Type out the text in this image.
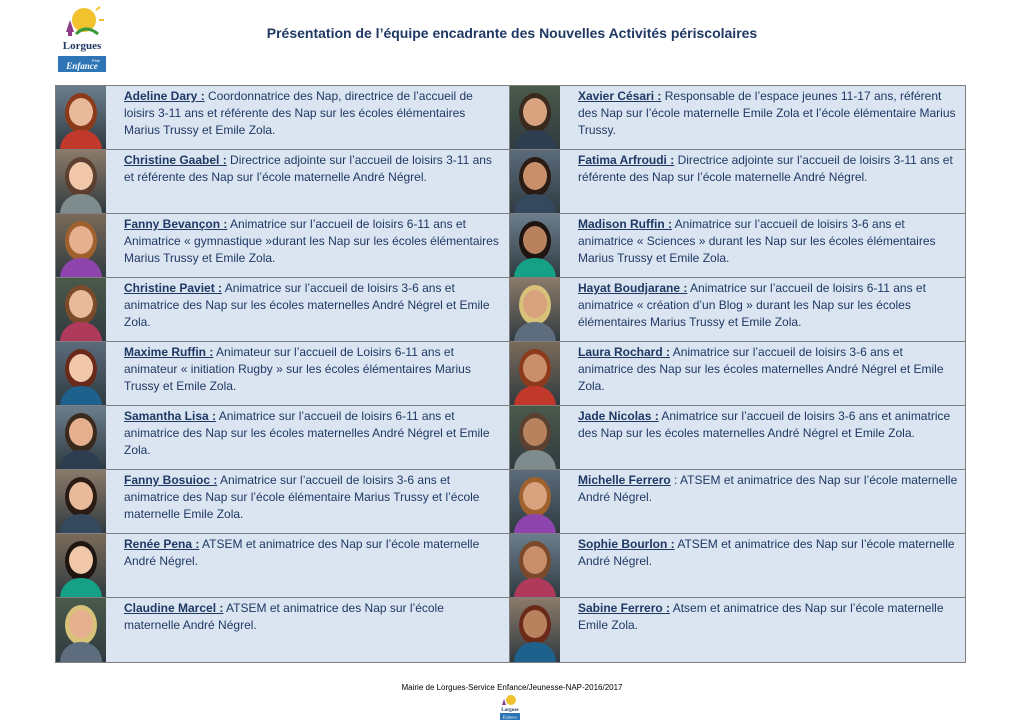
Lorgues
Pôle
Enfance
Présentation de l’équipe encadrante des Nouvelles Activités périscolaires
Adeline Dary : Coordonnatrice des Nap, directrice de l’accueil de loisirs 3-11 ans et référente des Nap sur les écoles élémentaires Marius Trussy et Emile Zola.
Xavier Césari : Responsable de l’espace jeunes 11-17 ans, référent des Nap sur l’école maternelle Emile Zola et l’école élémentaire Marius Trussy.
Christine Gaabel : Directrice adjointe sur l’accueil de loisirs 3-11 ans et référente des Nap sur l’école maternelle André Négrel.
Fatima Arfroudi : Directrice adjointe sur l’accueil de loisirs 3-11 ans et référente des Nap sur l’école maternelle André Négrel.
Fanny Bevançon : Animatrice sur l’accueil de loisirs 6-11 ans et Animatrice « gymnastique »durant les Nap sur les écoles élémentaires Marius Trussy et Emile Zola.
Madison Ruffin : Animatrice sur l’accueil de loisirs 3-6 ans et animatrice « Sciences » durant les Nap sur les écoles élémentaires Marius Trussy et Emile Zola.
Christine Paviet : Animatrice sur l’accueil de loisirs 3-6 ans et animatrice des Nap sur les écoles maternelles André Négrel et Emile Zola.
Hayat Boudjarane : Animatrice sur l’accueil de loisirs 6-11 ans et animatrice « création d’un Blog » durant les Nap sur les écoles élémentaires Marius Trussy et Emile Zola.
Maxime Ruffin : Animateur sur l’accueil de Loisirs 6-11 ans et animateur « initiation Rugby » sur les écoles élémentaires Marius Trussy et Emile Zola.
Laura Rochard : Animatrice sur l’accueil de loisirs 3-6 ans et animatrice des Nap sur les écoles maternelles André Négrel et Emile Zola.
Samantha Lisa : Animatrice sur l’accueil de loisirs 6-11 ans et animatrice des Nap sur les écoles maternelles André Négrel et Emile Zola.
Jade Nicolas : Animatrice sur l’accueil de loisirs 3-6 ans et animatrice des Nap sur les écoles maternelles André Négrel et Emile Zola.
Fanny Bosuioc : Animatrice sur l’accueil de loisirs 3-6 ans et animatrice des Nap sur l’école élémentaire Marius Trussy et l’école maternelle Emile Zola.
Michelle Ferrero : ATSEM et animatrice des Nap sur l’école maternelle André Négrel.
Renée Pena : ATSEM et animatrice des Nap sur l’école maternelle André Négrel.
Sophie Bourlon : ATSEM et animatrice des Nap sur l’école maternelle André Négrel.
Claudine Marcel : ATSEM et animatrice des Nap sur l’école maternelle André Négrel.
Sabine Ferrero : Atsem et animatrice des Nap sur l’école maternelle Emile Zola.
Mairie de Lorgues-Service Enfance/Jeunesse-NAP-2016/2017
Lorgues
Enfance
